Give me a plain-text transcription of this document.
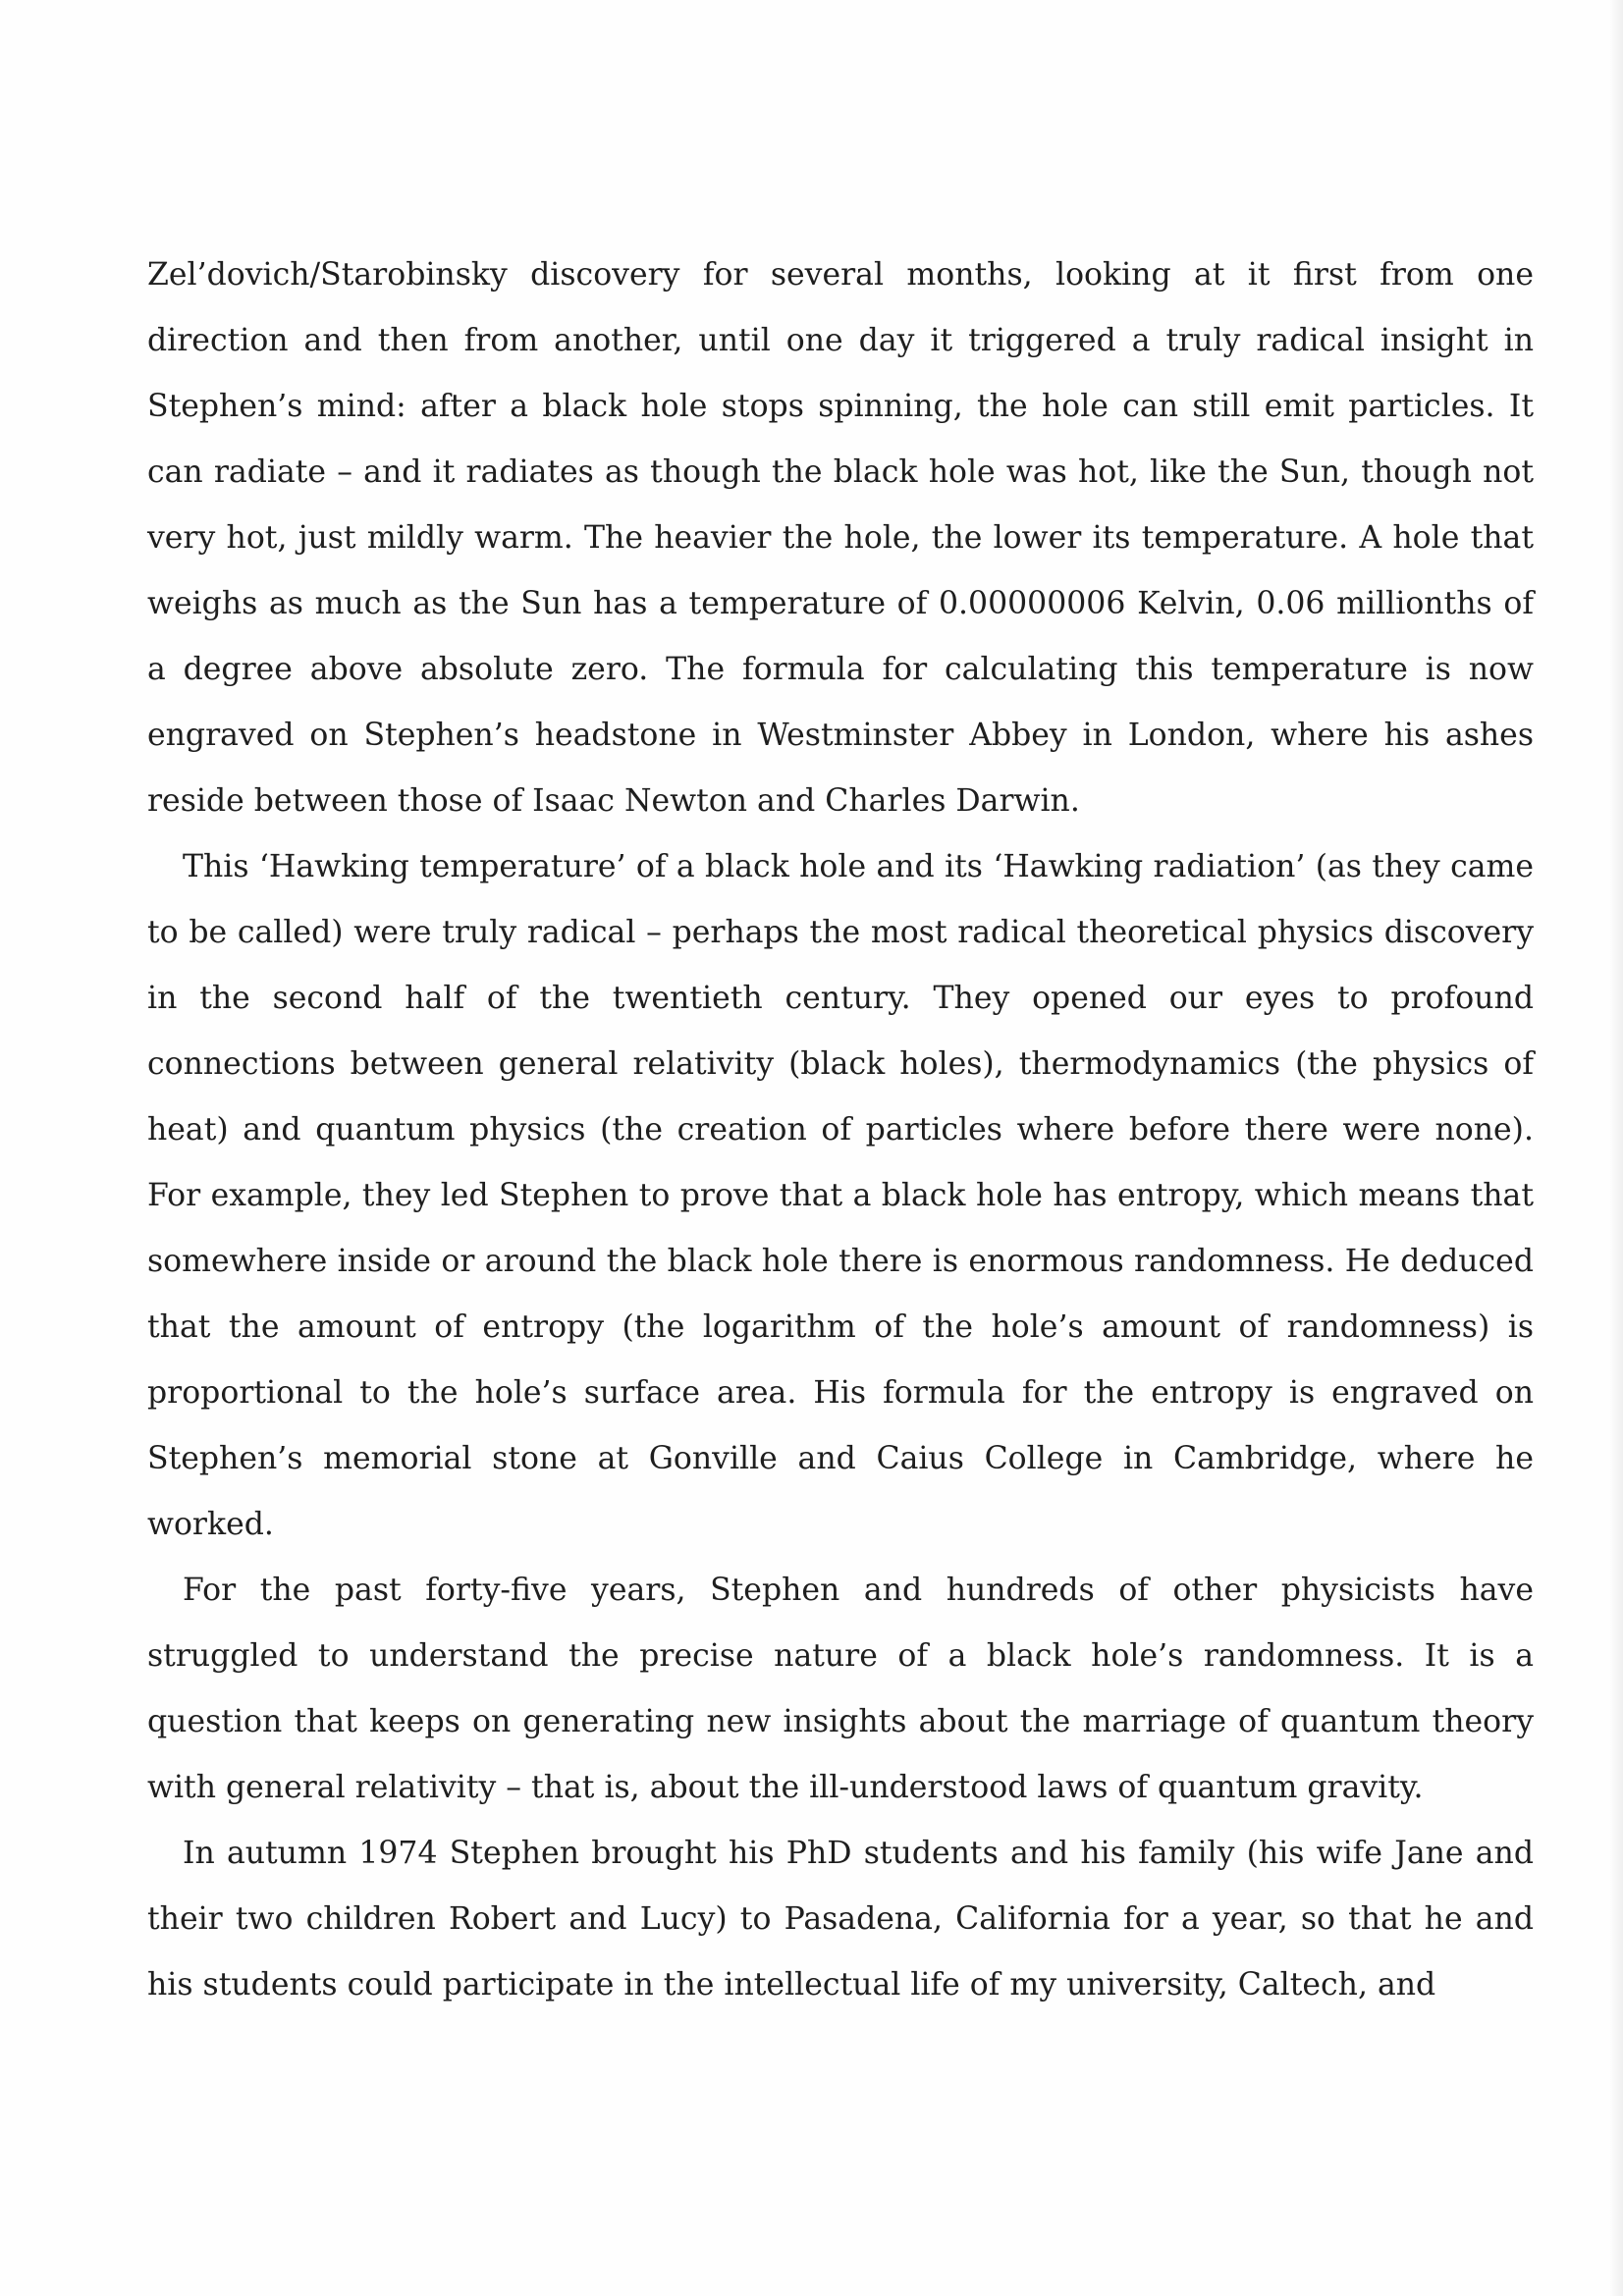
Zel’dovich/Starobinsky discovery for several months, looking at it first from one direction and then from another, until one day it triggered a truly radical insight in Stephen’s mind: after a black hole stops spinning, the hole can still emit particles. It can radiate – and it radiates as though the black hole was hot, like the Sun, though not very hot, just mildly warm. The heavier the hole, the lower its temperature. A hole that weighs as much as the Sun has a temperature of 0.00000006 Kelvin, 0.06 millionths of a degree above absolute zero. The formula for calculating this temperature is now engraved on Stephen’s headstone in Westminster Abbey in London, where his ashes reside between those of Isaac Newton and Charles Darwin.

This ‘Hawking temperature’ of a black hole and its ‘Hawking radiation’ (as they came to be called) were truly radical – perhaps the most radical theoretical physics discovery in the second half of the twentieth century. They opened our eyes to profound connections between general relativity (black holes), thermodynamics (the physics of heat) and quantum physics (the creation of particles where before there were none). For example, they led Stephen to prove that a black hole has entropy, which means that somewhere inside or around the black hole there is enormous randomness. He deduced that the amount of entropy (the logarithm of the hole’s amount of randomness) is proportional to the hole’s surface area. His formula for the entropy is engraved on Stephen’s memorial stone at Gonville and Caius College in Cambridge, where he worked.

For the past forty-five years, Stephen and hundreds of other physicists have struggled to understand the precise nature of a black hole’s randomness. It is a question that keeps on generating new insights about the marriage of quantum theory with general relativity – that is, about the ill-understood laws of quantum gravity.

In autumn 1974 Stephen brought his PhD students and his family (his wife Jane and their two children Robert and Lucy) to Pasadena, California for a year, so that he and his students could participate in the intellectual life of my university, Caltech, and
